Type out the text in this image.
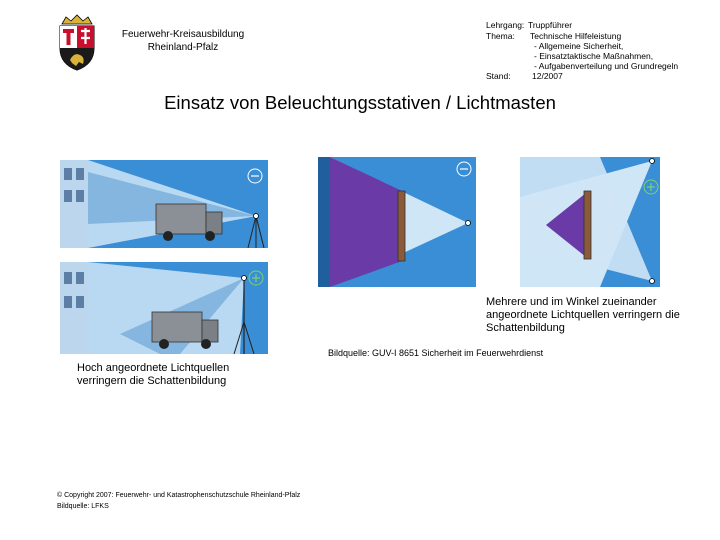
Feuerwehr-Kreisausbildung
Rheinland-Pfalz
Lehrgang: Truppführer
Thema:	Technische Hilfeleistung
- Allgemeine Sicherheit,
- Einsatztaktische Maßnahmen,
- Aufgabenverteilung und Grundregeln
Stand:	12/2007
Einsatz von Beleuchtungsstativen / Lichtmasten
Mehrere und im Winkel zueinander angeordnete Lichtquellen verringern die Schattenbildung
Bildquelle: GUV-I 8651 Sicherheit im Feuerwehrdienst
Hoch angeordnete Lichtquellen verringern die Schattenbildung
© Copyright 2007: Feuerwehr- und Katastrophenschutzschule Rheinland-Pfalz
Bildquelle: LFKS
